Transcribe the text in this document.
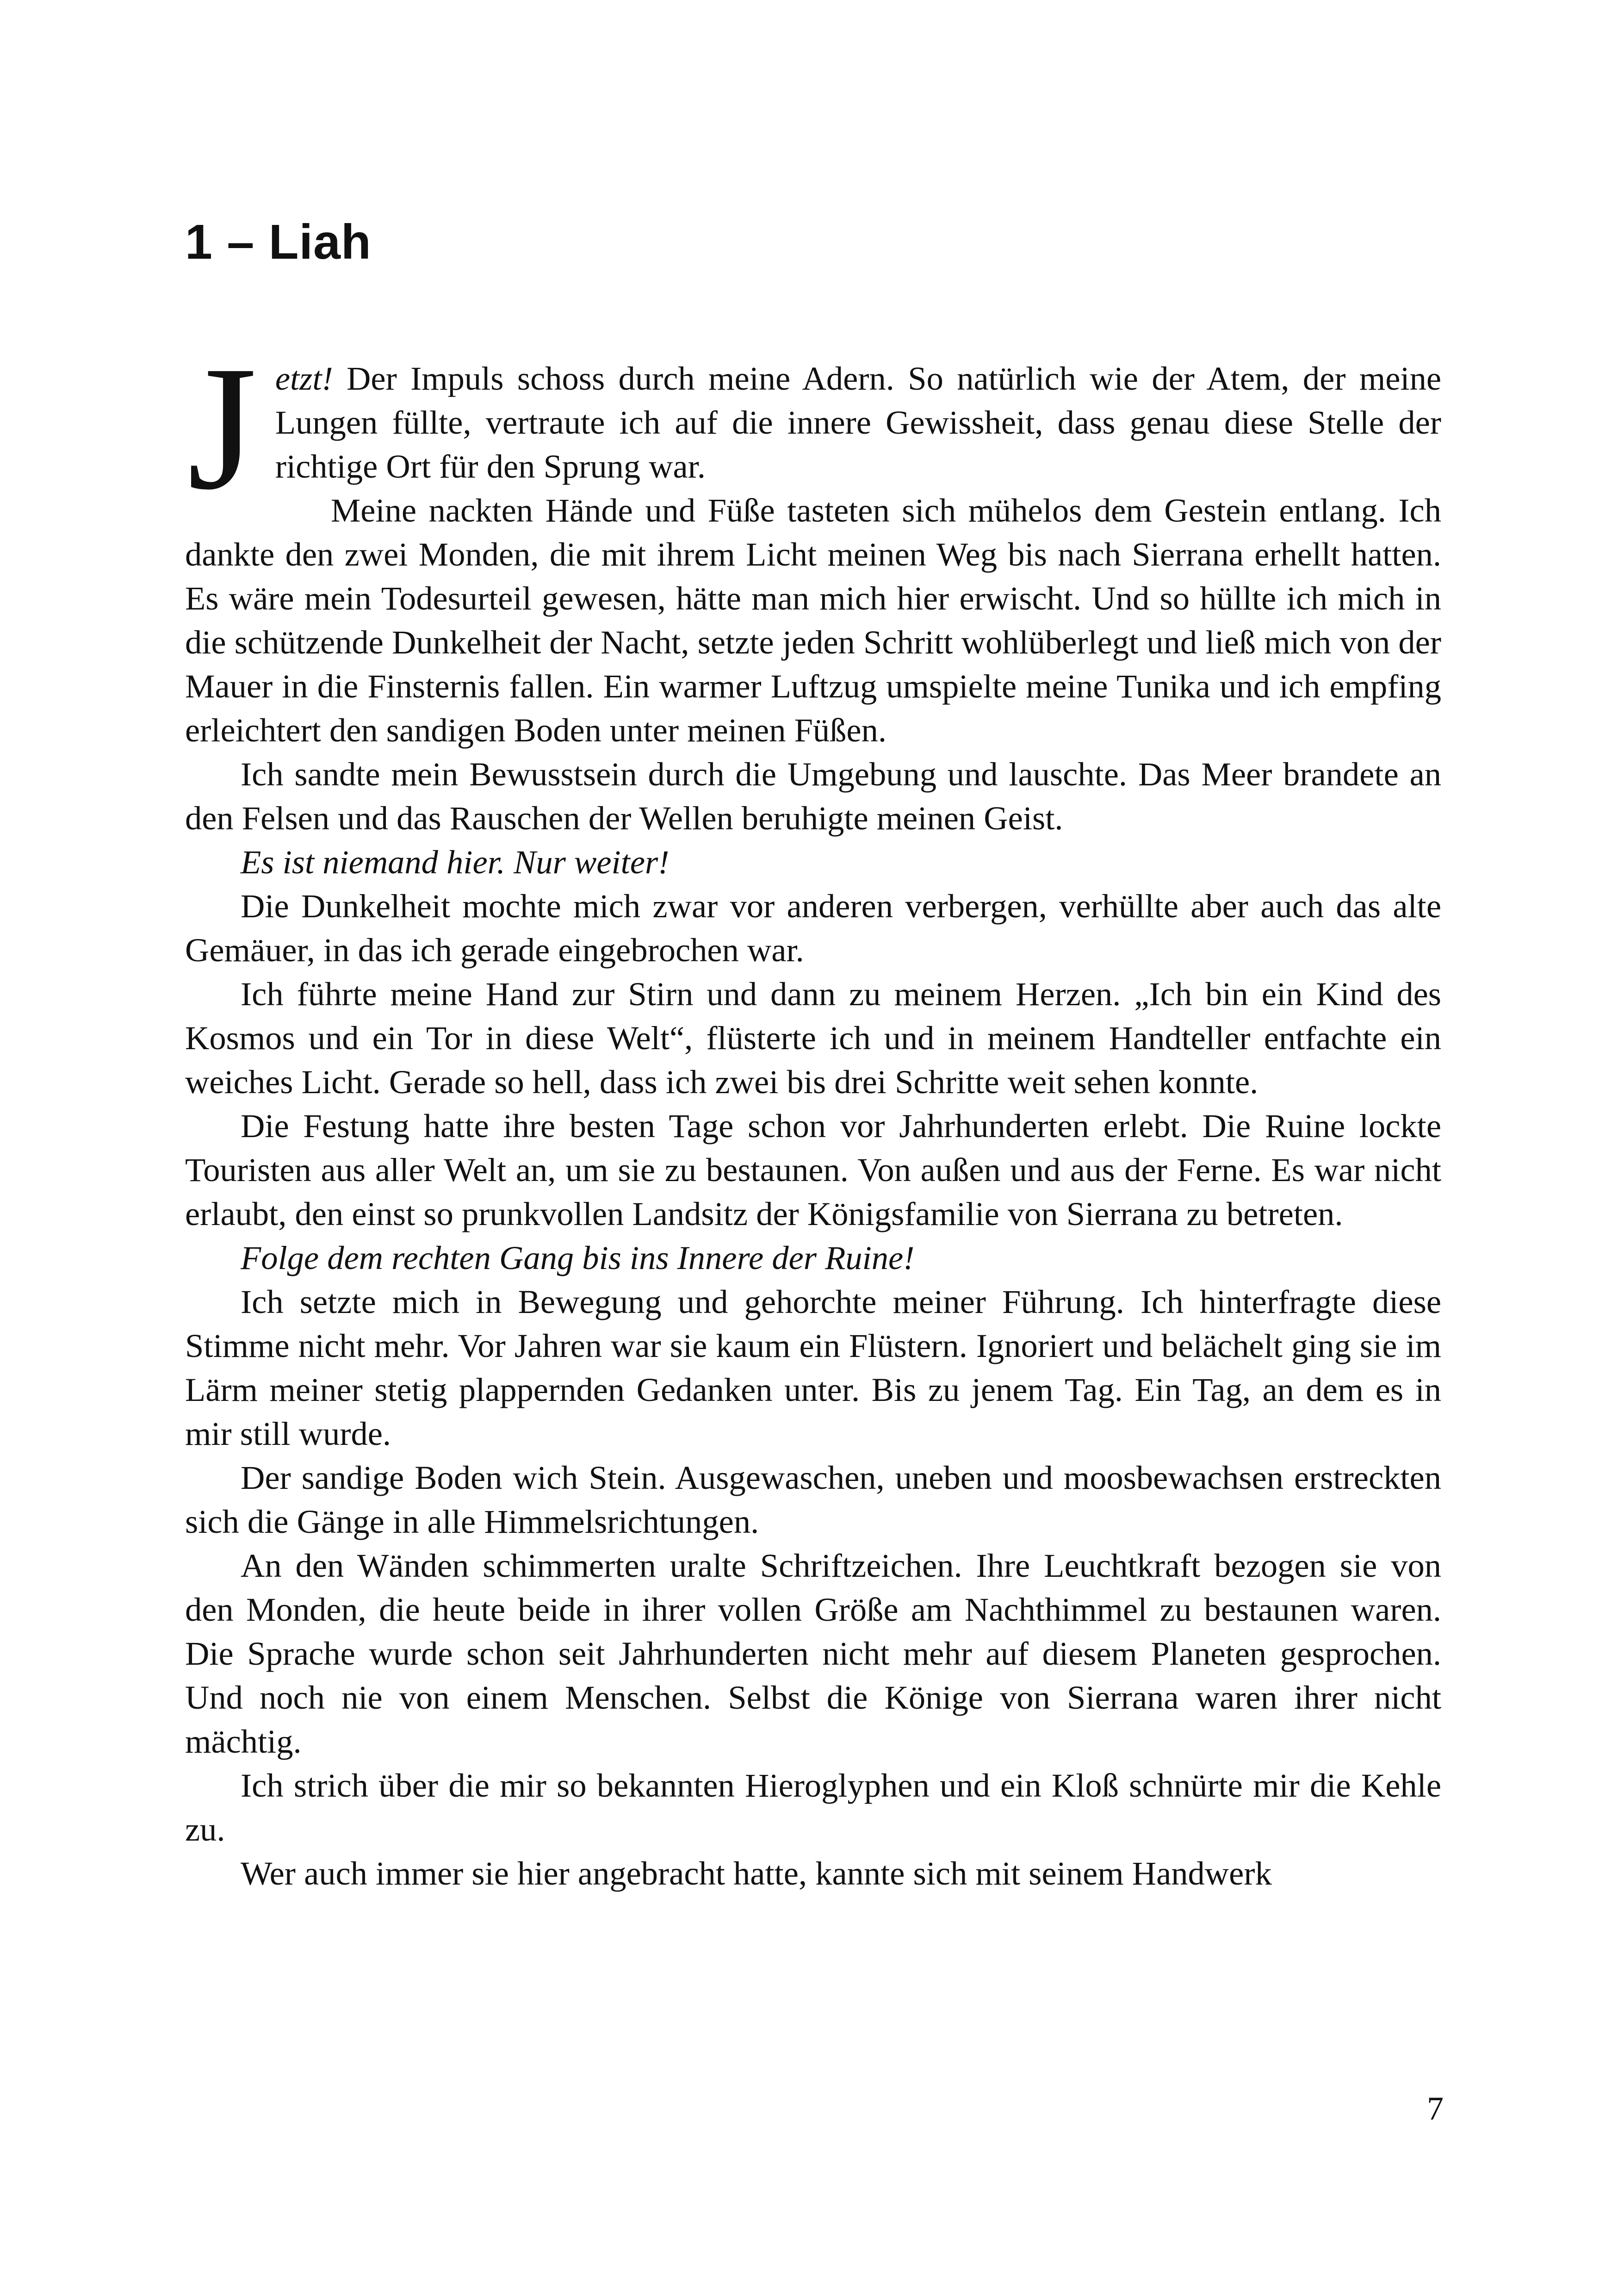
1 – Liah

Jetzt! Der Impuls schoss durch meine Adern. So natürlich wie der Atem, der meine Lungen füllte, vertraute ich auf die innere Gewissheit, dass genau diese Stelle der richtige Ort für den Sprung war.

Meine nackten Hände und Füße tasteten sich mühelos dem Gestein entlang. Ich dankte den zwei Monden, die mit ihrem Licht meinen Weg bis nach Sierrana erhellt hatten. Es wäre mein Todesurteil gewesen, hätte man mich hier erwischt. Und so hüllte ich mich in die schützende Dunkelheit der Nacht, setzte jeden Schritt wohlüberlegt und ließ mich von der Mauer in die Finsternis fallen. Ein warmer Luftzug umspielte meine Tunika und ich empfing erleichtert den sandigen Boden unter meinen Füßen.

Ich sandte mein Bewusstsein durch die Umgebung und lauschte. Das Meer brandete an den Felsen und das Rauschen der Wellen beruhigte meinen Geist.

Es ist niemand hier. Nur weiter!

Die Dunkelheit mochte mich zwar vor anderen verbergen, verhüllte aber auch das alte Gemäuer, in das ich gerade eingebrochen war.

Ich führte meine Hand zur Stirn und dann zu meinem Herzen. „Ich bin ein Kind des Kosmos und ein Tor in diese Welt“, flüsterte ich und in meinem Handteller entfachte ein weiches Licht. Gerade so hell, dass ich zwei bis drei Schritte weit sehen konnte.

Die Festung hatte ihre besten Tage schon vor Jahrhunderten erlebt. Die Ruine lockte Touristen aus aller Welt an, um sie zu bestaunen. Von außen und aus der Ferne. Es war nicht erlaubt, den einst so prunkvollen Landsitz der Königsfamilie von Sierrana zu betreten.

Folge dem rechten Gang bis ins Innere der Ruine!

Ich setzte mich in Bewegung und gehorchte meiner Führung. Ich hinterfragte diese Stimme nicht mehr. Vor Jahren war sie kaum ein Flüstern. Ignoriert und belächelt ging sie im Lärm meiner stetig plappernden Gedanken unter. Bis zu jenem Tag. Ein Tag, an dem es in mir still wurde.

Der sandige Boden wich Stein. Ausgewaschen, uneben und moosbewachsen erstreckten sich die Gänge in alle Himmelsrichtungen.

An den Wänden schimmerten uralte Schriftzeichen. Ihre Leuchtkraft bezogen sie von den Monden, die heute beide in ihrer vollen Größe am Nachthimmel zu bestaunen waren. Die Sprache wurde schon seit Jahrhunderten nicht mehr auf diesem Planeten gesprochen. Und noch nie von einem Menschen. Selbst die Könige von Sierrana waren ihrer nicht mächtig.

Ich strich über die mir so bekannten Hieroglyphen und ein Kloß schnürte mir die Kehle zu.

Wer auch immer sie hier angebracht hatte, kannte sich mit seinem Handwerk

7
